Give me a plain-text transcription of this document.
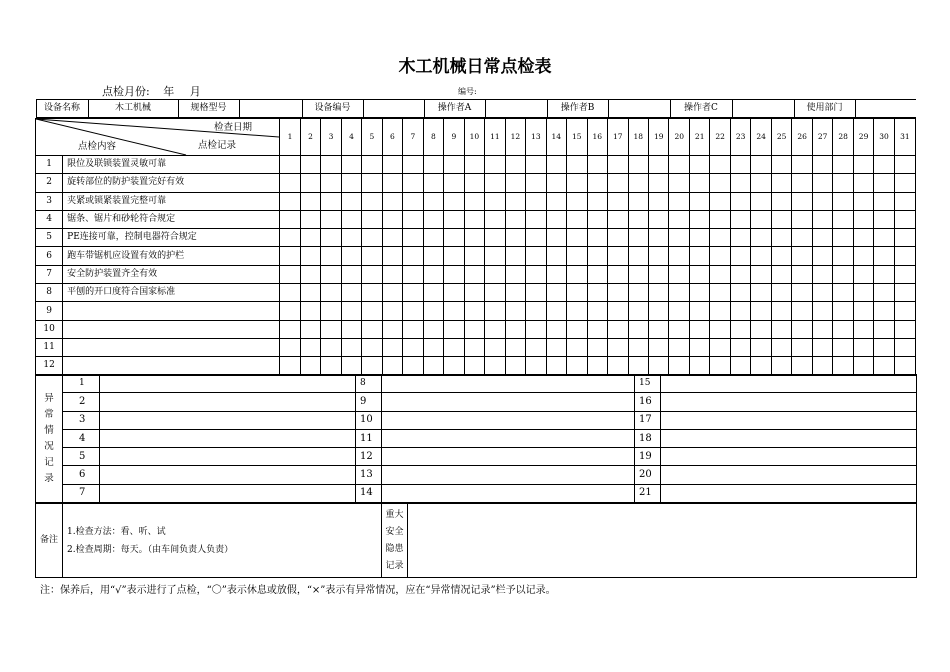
木工机械日常点检表
点检月份: 年 月	编号:
设备名称	木工机械	规格型号		设备编号		操作者A		操作者B		操作者C		使用部门	

检查日期
点检内容	点检记录
	1	2	3	4	5	6	7	8	9	10	11	12	13	14	15	16	17	18	19	20	21	22	23	24	25	26	27	28	29	30	31
1	限位及联锁装置灵敏可靠																															
2	旋转部位的防护装置完好有效																															
3	夹紧或锁紧装置完整可靠																															
4	锯条、锯片和砂轮符合规定																															
5	PE连接可靠，控制电器符合规定																															
6	跑车带锯机应设置有效的护栏																															
7	安全防护装置齐全有效																															
8	平刨的开口度符合国家标准																															
9																																
10																																
11																																
12																																
异常情况记录	1		8		15	
	2		9		16	
	3		10		17	
	4		11		18	
	5		12		19	
	6		13		20	
	7		14		21	
备注

1.检查方法：看、听、试
2.检查周期：每天。（由车间负责人负责）

重大安全隐患记录

注：保养后，用“√”表示进行了点检，“〇”表示休息或放假，“×”表示有异常情况，应在“异常情况记录”栏予以记录。
